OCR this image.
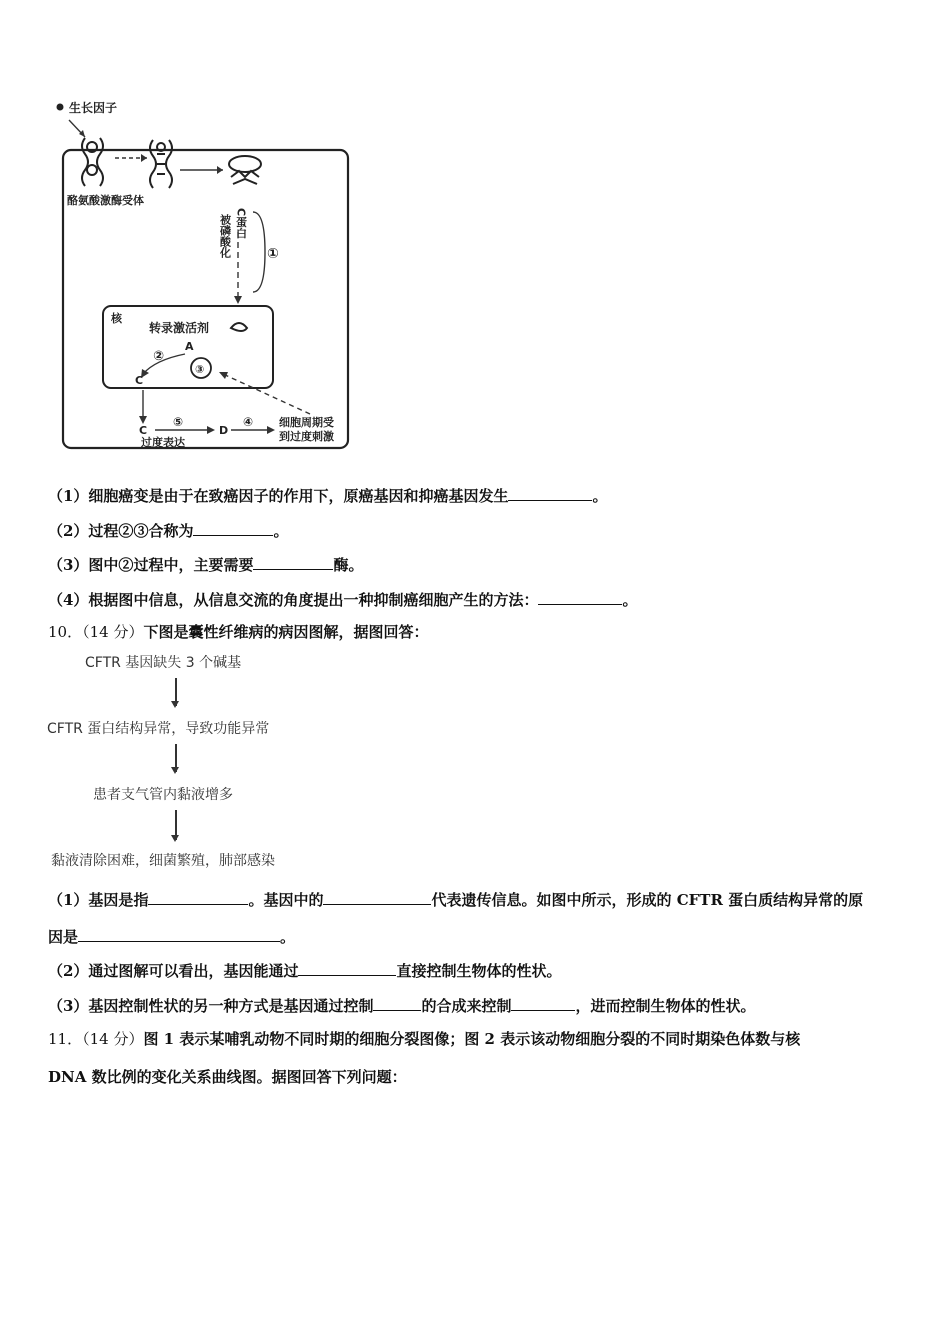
生长因子
酪氨酸激酶受体
C蛋白
被磷酸化	①
核
转录激活剂
A
②
③
C
C
过度表达
⑤
D
④ 细胞周期受
到过度刺激
（1）细胞癌变是由于在致癌因子的作用下，原癌基因和抑癌基因发生	。
（2）过程②③合称为	。
（3）图中②过程中，主要需要	酶。
（4）根据图中信息，从信息交流的角度提出一种抑制癌细胞产生的方法：	。
10．（14 分）下图是囊性纤维病的病因图解，据图回答：
CFTR 基因缺失 3 个碱基
CFTR 蛋白结构异常，导致功能异常
患者支气管内黏液增多
黏液清除困难，细菌繁殖，肺部感染
（1）基因是指	。基因中的	代表遗传信息。如图中所示，形成的 CFTR 蛋白质结构异常的原
因是	。
（2）通过图解可以看出，基因能通过	直接控制生物体的性状。
（3）基因控制性状的另一种方式是基因通过控制	的合成来控制	，进而控制生物体的性状。
11．（14 分）图 1 表示某哺乳动物不同时期的细胞分裂图像；图 2 表示该动物细胞分裂的不同时期染色体数与核
DNA 数比例的变化关系曲线图。据图回答下列问题：
